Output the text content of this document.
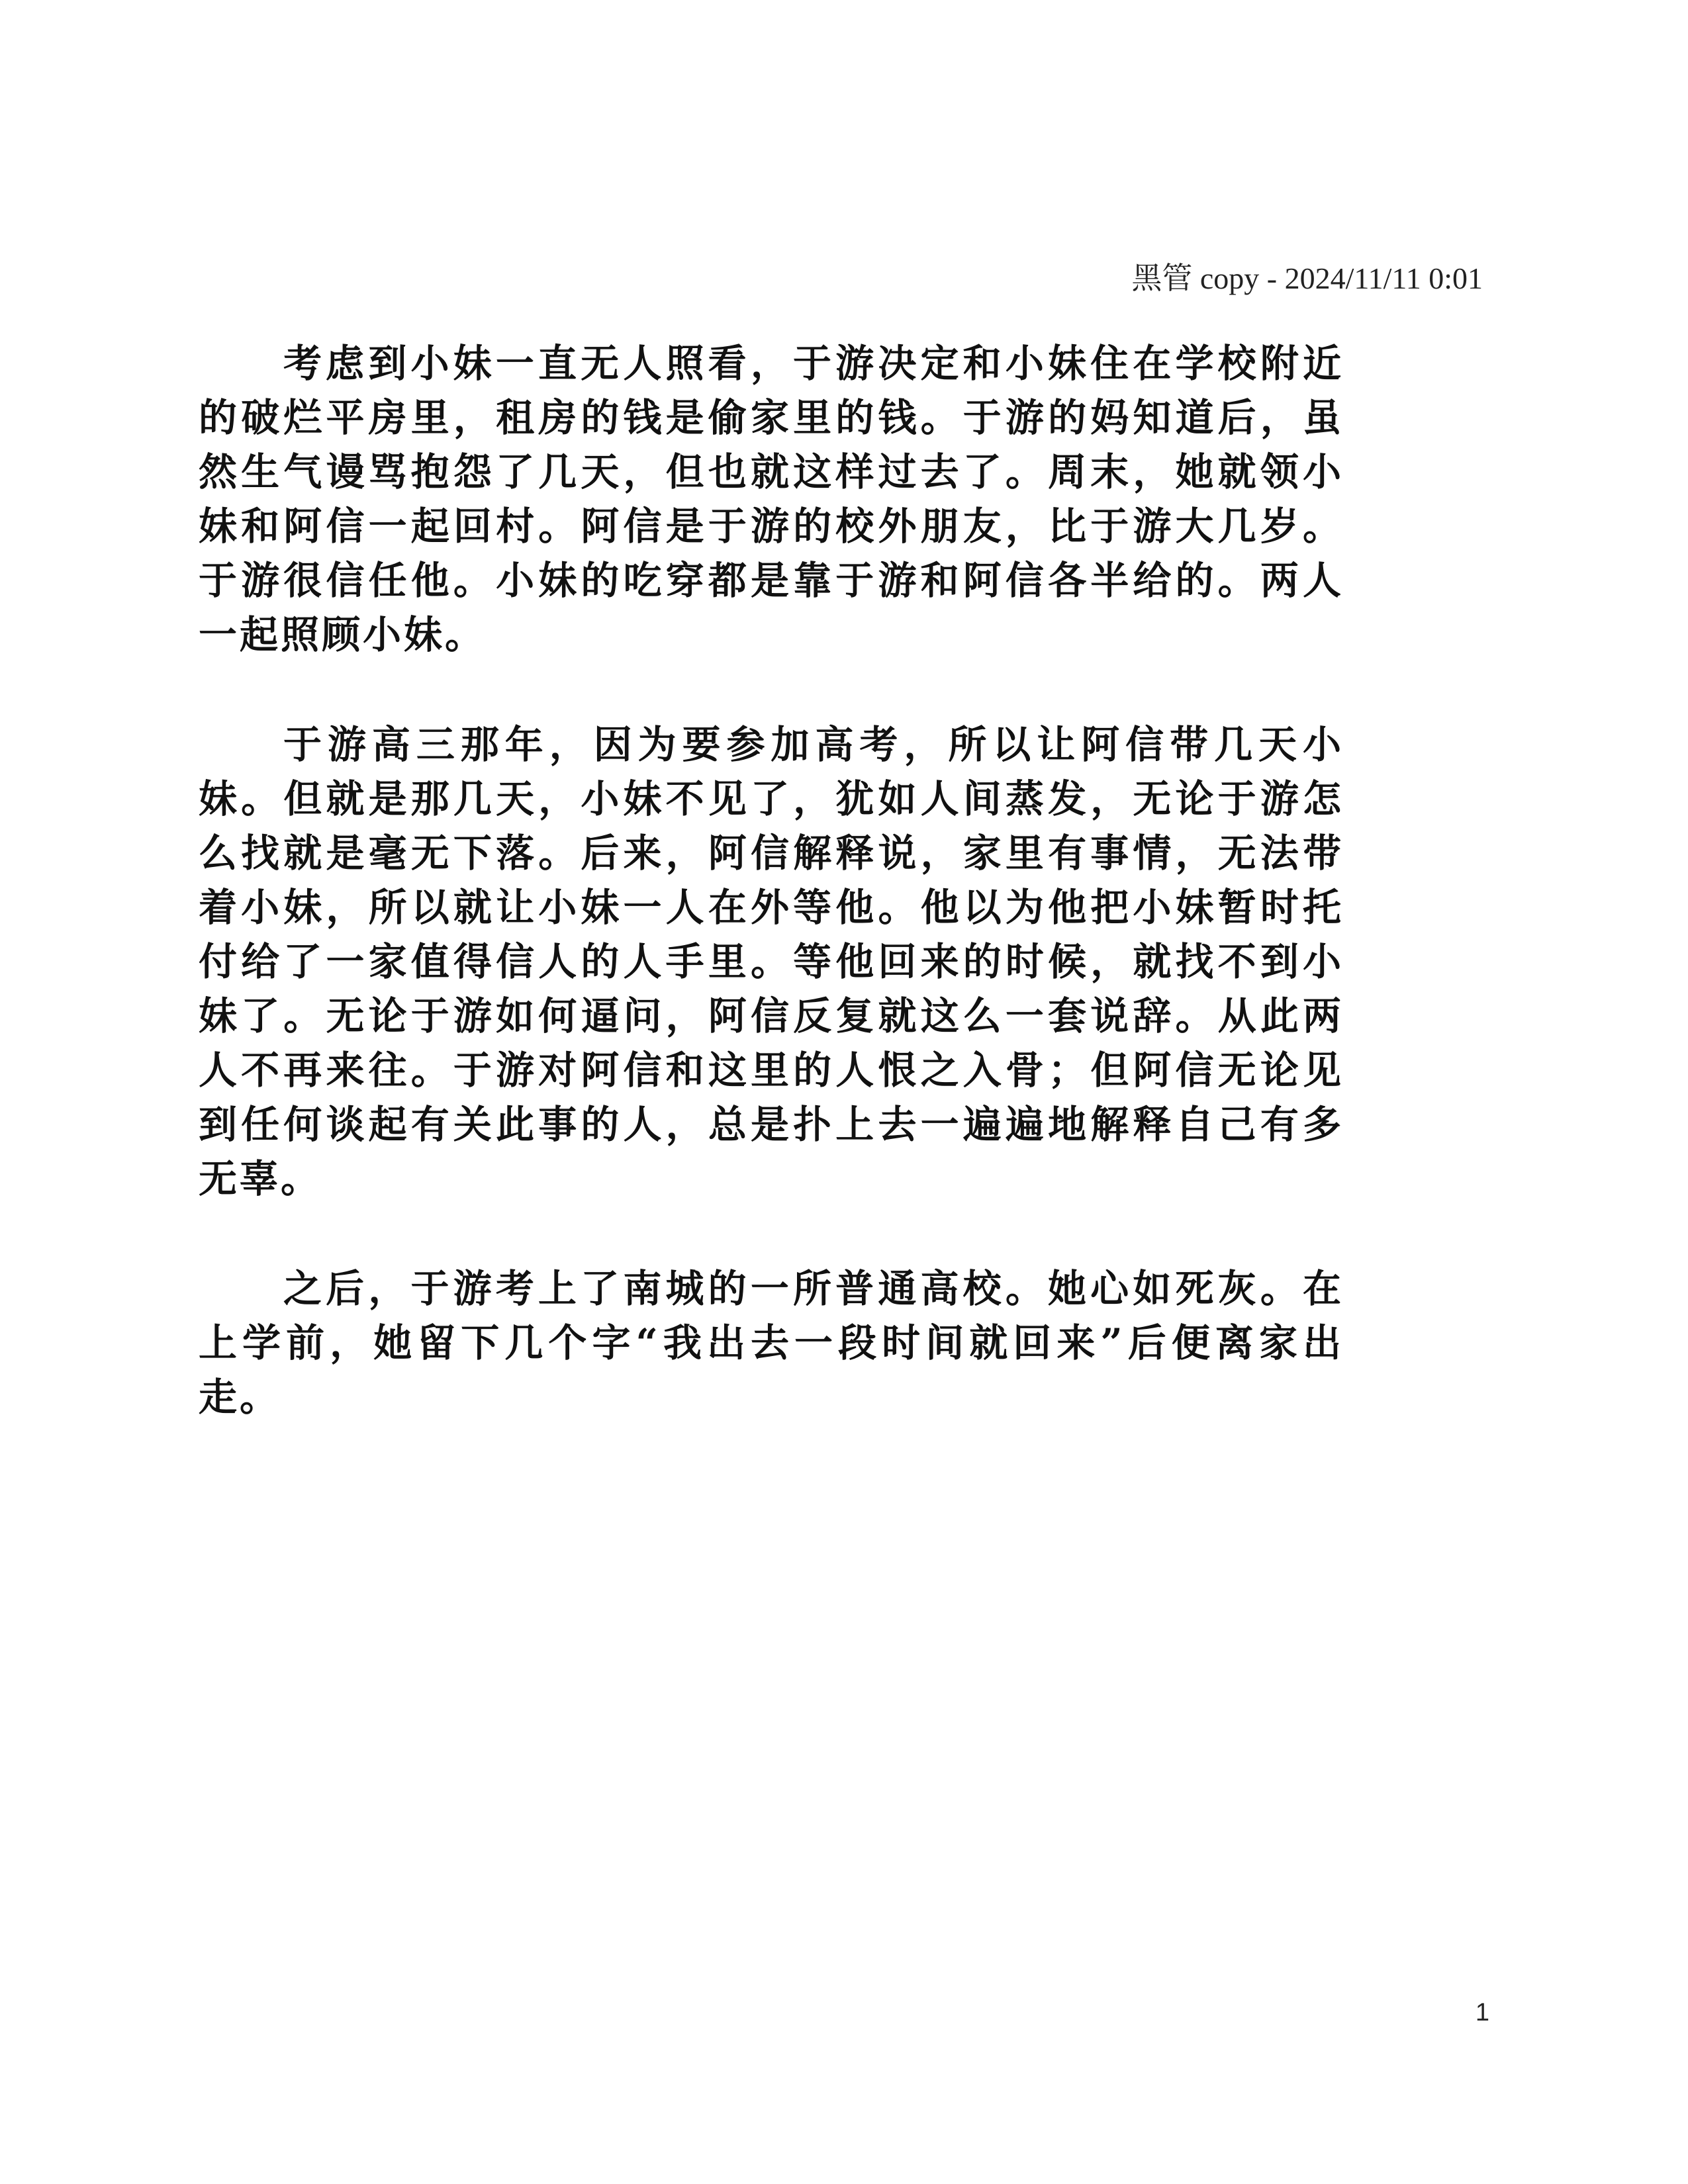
黑管 copy - 2024/11/11 0:01

考虑到小妹一直无人照看，于游决定和小妹住在学校附近的破烂平房里，租房的钱是偷家里的钱。于游的妈知道后，虽然生气谩骂抱怨了几天，但也就这样过去了。周末，她就领小妹和阿信一起回村。阿信是于游的校外朋友，比于游大几岁。于游很信任他。小妹的吃穿都是靠于游和阿信各半给的。两人一起照顾小妹。

于游高三那年，因为要参加高考，所以让阿信带几天小妹。但就是那几天，小妹不见了，犹如人间蒸发，无论于游怎么找就是毫无下落。后来，阿信解释说，家里有事情，无法带着小妹，所以就让小妹一人在外等他。他以为他把小妹暂时托付给了一家值得信人的人手里。等他回来的时候，就找不到小妹了。无论于游如何逼问，阿信反复就这么一套说辞。从此两人不再来往。于游对阿信和这里的人恨之入骨；但阿信无论见到任何谈起有关此事的人，总是扑上去一遍遍地解释自己有多无辜。

之后，于游考上了南城的一所普通高校。她心如死灰。在上学前，她留下几个字“我出去一段时间就回来”后便离家出走。

1
